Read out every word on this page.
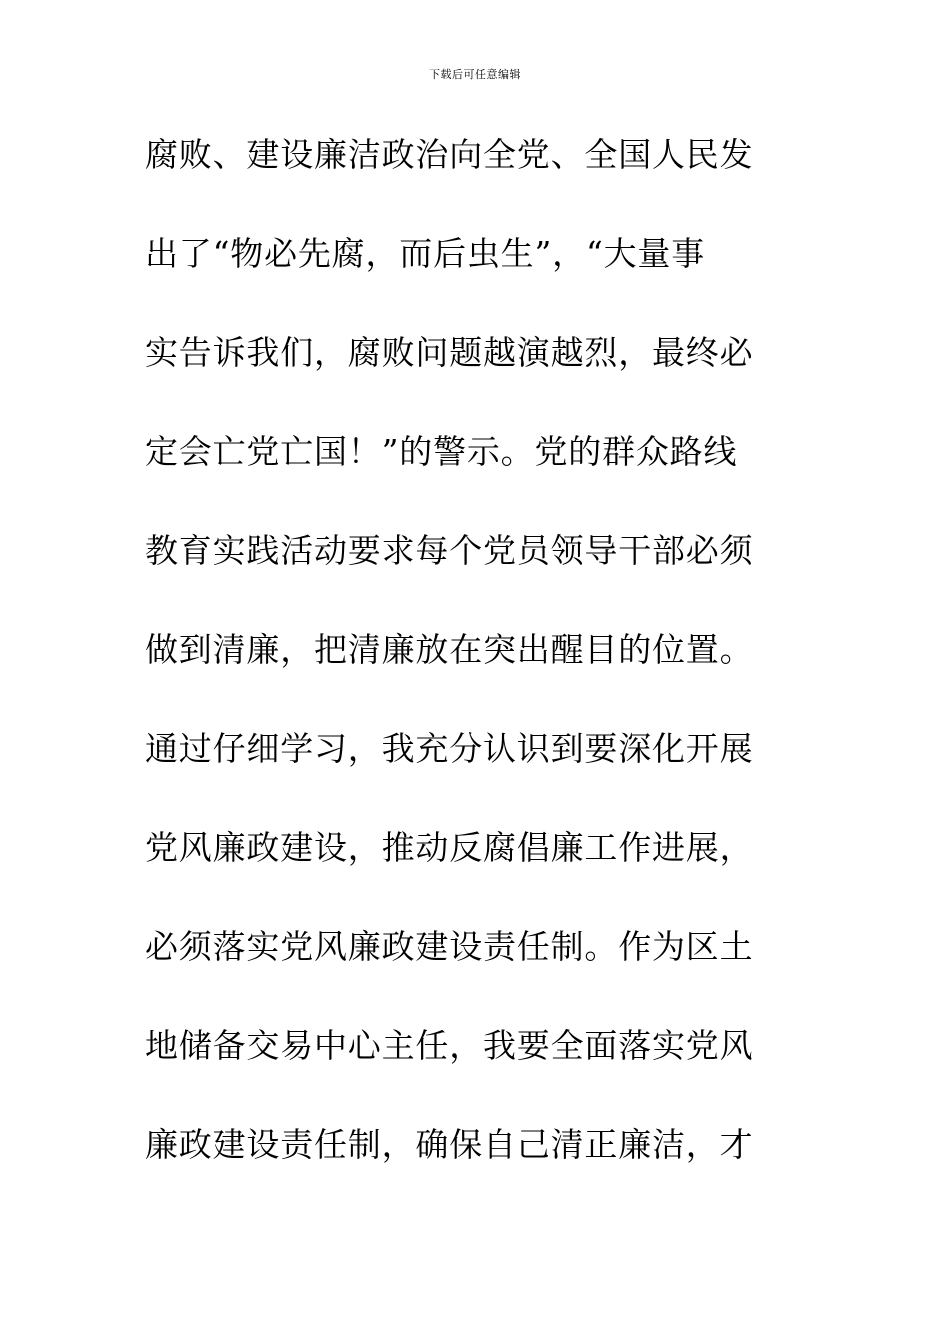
下载后可任意编辑
腐败、建设廉洁政治向全党、全国人民发
出了“物必先腐，而后虫生”，“大量事
实告诉我们，腐败问题越演越烈，最终必
定会亡党亡国！”的警示。党的群众路线
教育实践活动要求每个党员领导干部必须
做到清廉，把清廉放在突出醒目的位置。
通过仔细学习，我充分认识到要深化开展
党风廉政建设，推动反腐倡廉工作进展，
必须落实党风廉政建设责任制。作为区土
地储备交易中心主任，我要全面落实党风
廉政建设责任制，确保自己清正廉洁，才
